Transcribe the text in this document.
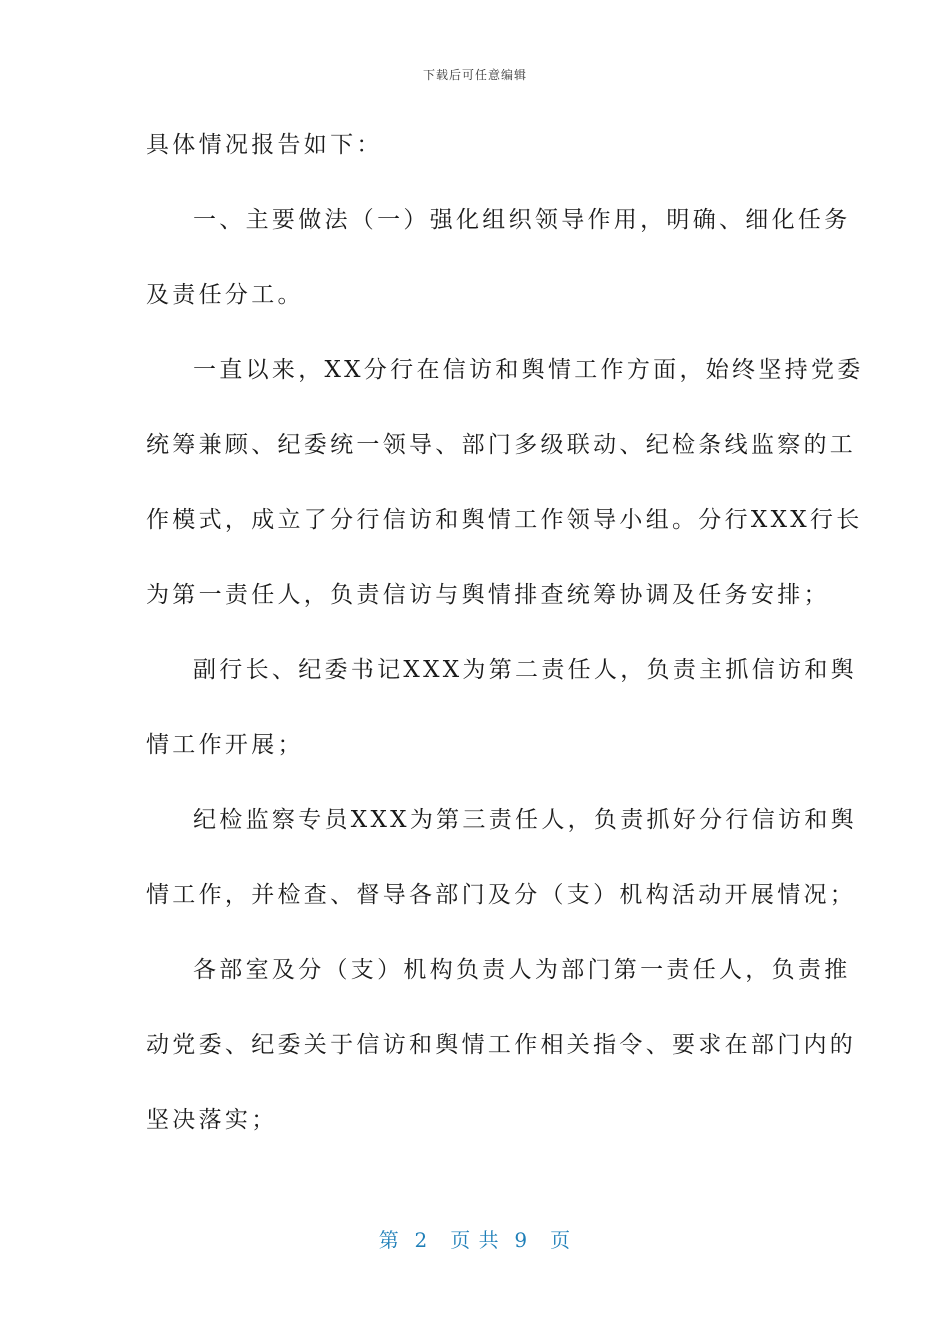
下载后可任意编辑
具体情况报告如下：
一、主要做法（一）强化组织领导作用，明确、细化任务
及责任分工。
一直以来，XX分行在信访和舆情工作方面，始终坚持党委
统筹兼顾、纪委统一领导、部门多级联动、纪检条线监察的工
作模式，成立了分行信访和舆情工作领导小组。分行XXX行长
为第一责任人，负责信访与舆情排查统筹协调及任务安排；
副行长、纪委书记XXX为第二责任人，负责主抓信访和舆
情工作开展；
纪检监察专员XXX为第三责任人，负责抓好分行信访和舆
情工作，并检查、督导各部门及分（支）机构活动开展情况；
各部室及分（支）机构负责人为部门第一责任人，负责推
动党委、纪委关于信访和舆情工作相关指令、要求在部门内的
坚决落实；
第  2   页 共  9   页
